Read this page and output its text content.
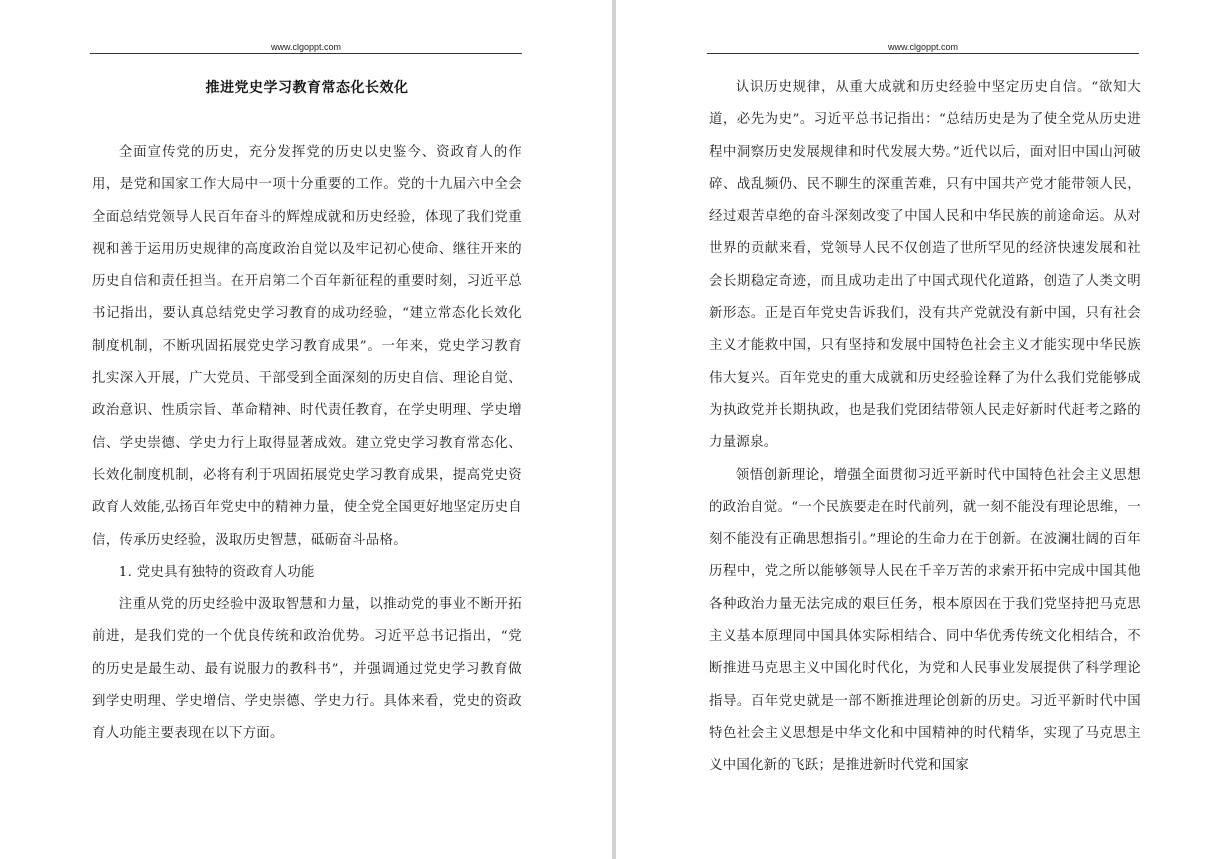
www.clgoppt.com
推进党史学习教育常态化长效化

全面宣传党的历史，充分发挥党的历史以史鉴今、资政育人的作用，是党和国家工作大局中一项十分重要的工作。党的十九届六中全会全面总结党领导人民百年奋斗的辉煌成就和历史经验，体现了我们党重视和善于运用历史规律的高度政治自觉以及牢记初心使命、继往开来的历史自信和责任担当。在开启第二个百年新征程的重要时刻，习近平总书记指出，要认真总结党史学习教育的成功经验，“建立常态化长效化制度机制，不断巩固拓展党史学习教育成果”。一年来，党史学习教育扎实深入开展，广大党员、干部受到全面深刻的历史自信、理论自觉、政治意识、性质宗旨、革命精神、时代责任教育，在学史明理、学史增信、学史崇德、学史力行上取得显著成效。建立党史学习教育常态化、长效化制度机制，必将有利于巩固拓展党史学习教育成果，提高党史资政育人效能,弘扬百年党史中的精神力量，使全党全国更好地坚定历史自信，传承历史经验，汲取历史智慧，砥砺奋斗品格。

1. 党史具有独特的资政育人功能

注重从党的历史经验中汲取智慧和力量，以推动党的事业不断开拓前进，是我们党的一个优良传统和政治优势。习近平总书记指出，“党的历史是最生动、最有说服力的教科书”，并强调通过党史学习教育做到学史明理、学史增信、学史崇德、学史力行。具体来看，党史的资政育人功能主要表现在以下方面。

www.clgoppt.com

认识历史规律，从重大成就和历史经验中坚定历史自信。“欲知大道，必先为史”。习近平总书记指出：“总结历史是为了使全党从历史进程中洞察历史发展规律和时代发展大势。”近代以后，面对旧中国山河破碎、战乱频仍、民不聊生的深重苦难，只有中国共产党才能带领人民，经过艰苦卓绝的奋斗深刻改变了中国人民和中华民族的前途命运。从对世界的贡献来看，党领导人民不仅创造了世所罕见的经济快速发展和社会长期稳定奇迹，而且成功走出了中国式现代化道路，创造了人类文明新形态。正是百年党史告诉我们，没有共产党就没有新中国，只有社会主义才能救中国，只有坚持和发展中国特色社会主义才能实现中华民族伟大复兴。百年党史的重大成就和历史经验诠释了为什么我们党能够成为执政党并长期执政，也是我们党团结带领人民走好新时代赶考之路的力量源泉。

领悟创新理论，增强全面贯彻习近平新时代中国特色社会主义思想的政治自觉。“一个民族要走在时代前列，就一刻不能没有理论思维，一刻不能没有正确思想指引。”理论的生命力在于创新。在波澜壮阔的百年历程中，党之所以能够领导人民在千辛万苦的求索开拓中完成中国其他各种政治力量无法完成的艰巨任务，根本原因在于我们党坚持把马克思主义基本原理同中国具体实际相结合、同中华优秀传统文化相结合，不断推进马克思主义中国化时代化，为党和人民事业发展提供了科学理论指导。百年党史就是一部不断推进理论创新的历史。习近平新时代中国特色社会主义思想是中华文化和中国精神的时代精华，实现了马克思主义中国化新的飞跃；是推进新时代党和国家
